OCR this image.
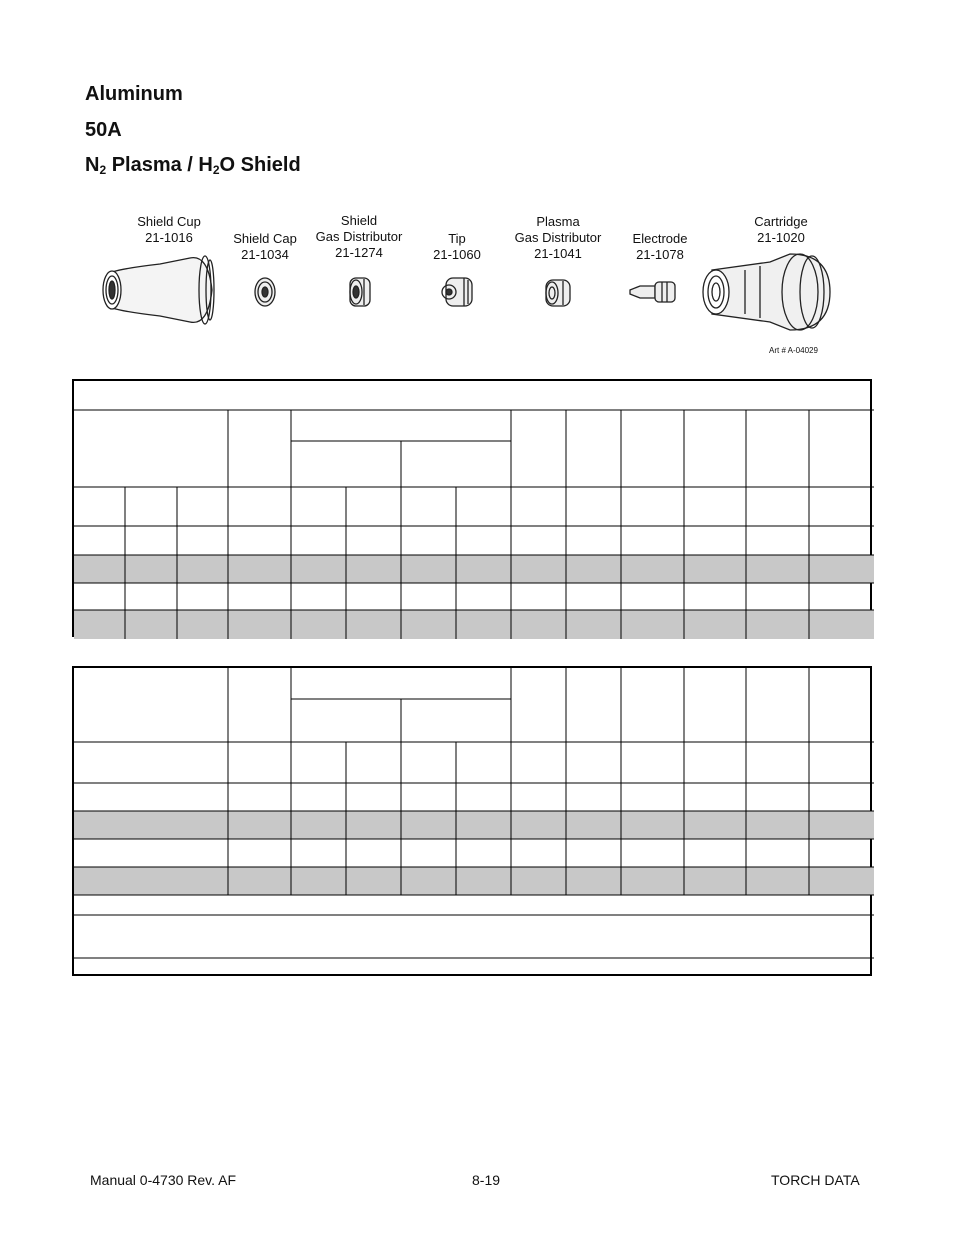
Aluminum
50A
$N_2$ Plasma / $H_2O$ Shield
Shield Cup
21-1016	Shield Cap
21-1034
Shield
Gas Distributor
21-1274
Tip
21-1060
Plasma
Gas Distributor
21-1041
Electrode
21-1078
Cartridge
21-1020
Art # A-04029
Manual 0-4730 Rev. AF	8-19	TORCH DATA
